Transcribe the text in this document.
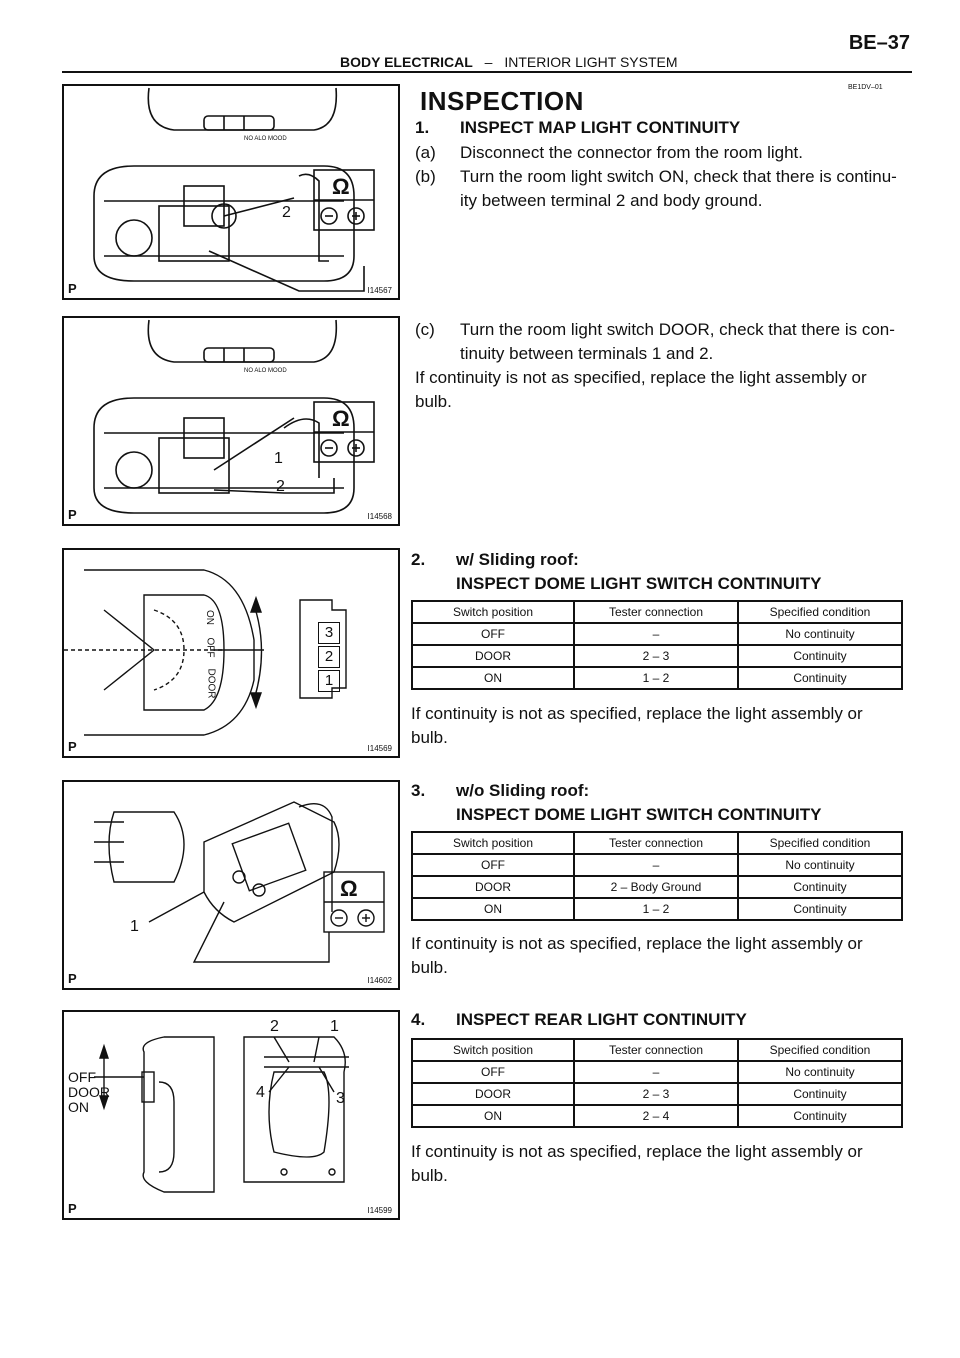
BE–37
BODY ELECTRICAL – INTERIOR LIGHT SYSTEM
BE1DV–01
INSPECTION
NO ALO MOOD
Ω
2
P	I14567
NO ALO MOOD
Ω
1
2
P	I14568
3
2
1
ON
OFF
DOOR
P	I14569
Ω
1
P	I14602
OFF
DOOR
ON
2	1
4	3
P	I14599
1. INSPECT MAP LIGHT CONTINUITY
(a) Disconnect the connector from the room light.
(b) Turn the room light switch ON, check that there is continu-
ity between terminal 2 and body ground.
(c) Turn the room light switch DOOR, check that there is con-
tinuity between terminals 1 and 2.
If continuity is not as specified, replace the light assembly or
bulb.
2. w/ Sliding roof:
INSPECT DOME LIGHT SWITCH CONTINUITY
Switch position	Tester connection	Specified condition
OFF	–	No continuity
DOOR	2 – 3	Continuity
ON	1 – 2	Continuity
If continuity is not as specified, replace the light assembly or
bulb.
3. w/o Sliding roof:
INSPECT DOME LIGHT SWITCH CONTINUITY
Switch position	Tester connection	Specified condition
OFF	–	No continuity
DOOR	2 – Body Ground	Continuity
ON	1 – 2	Continuity
If continuity is not as specified, replace the light assembly or
bulb.
4. INSPECT REAR LIGHT CONTINUITY
Switch position	Tester connection	Specified condition
OFF	–	No continuity
DOOR	2 – 3	Continuity
ON	2 – 4	Continuity
If continuity is not as specified, replace the light assembly or
bulb.
